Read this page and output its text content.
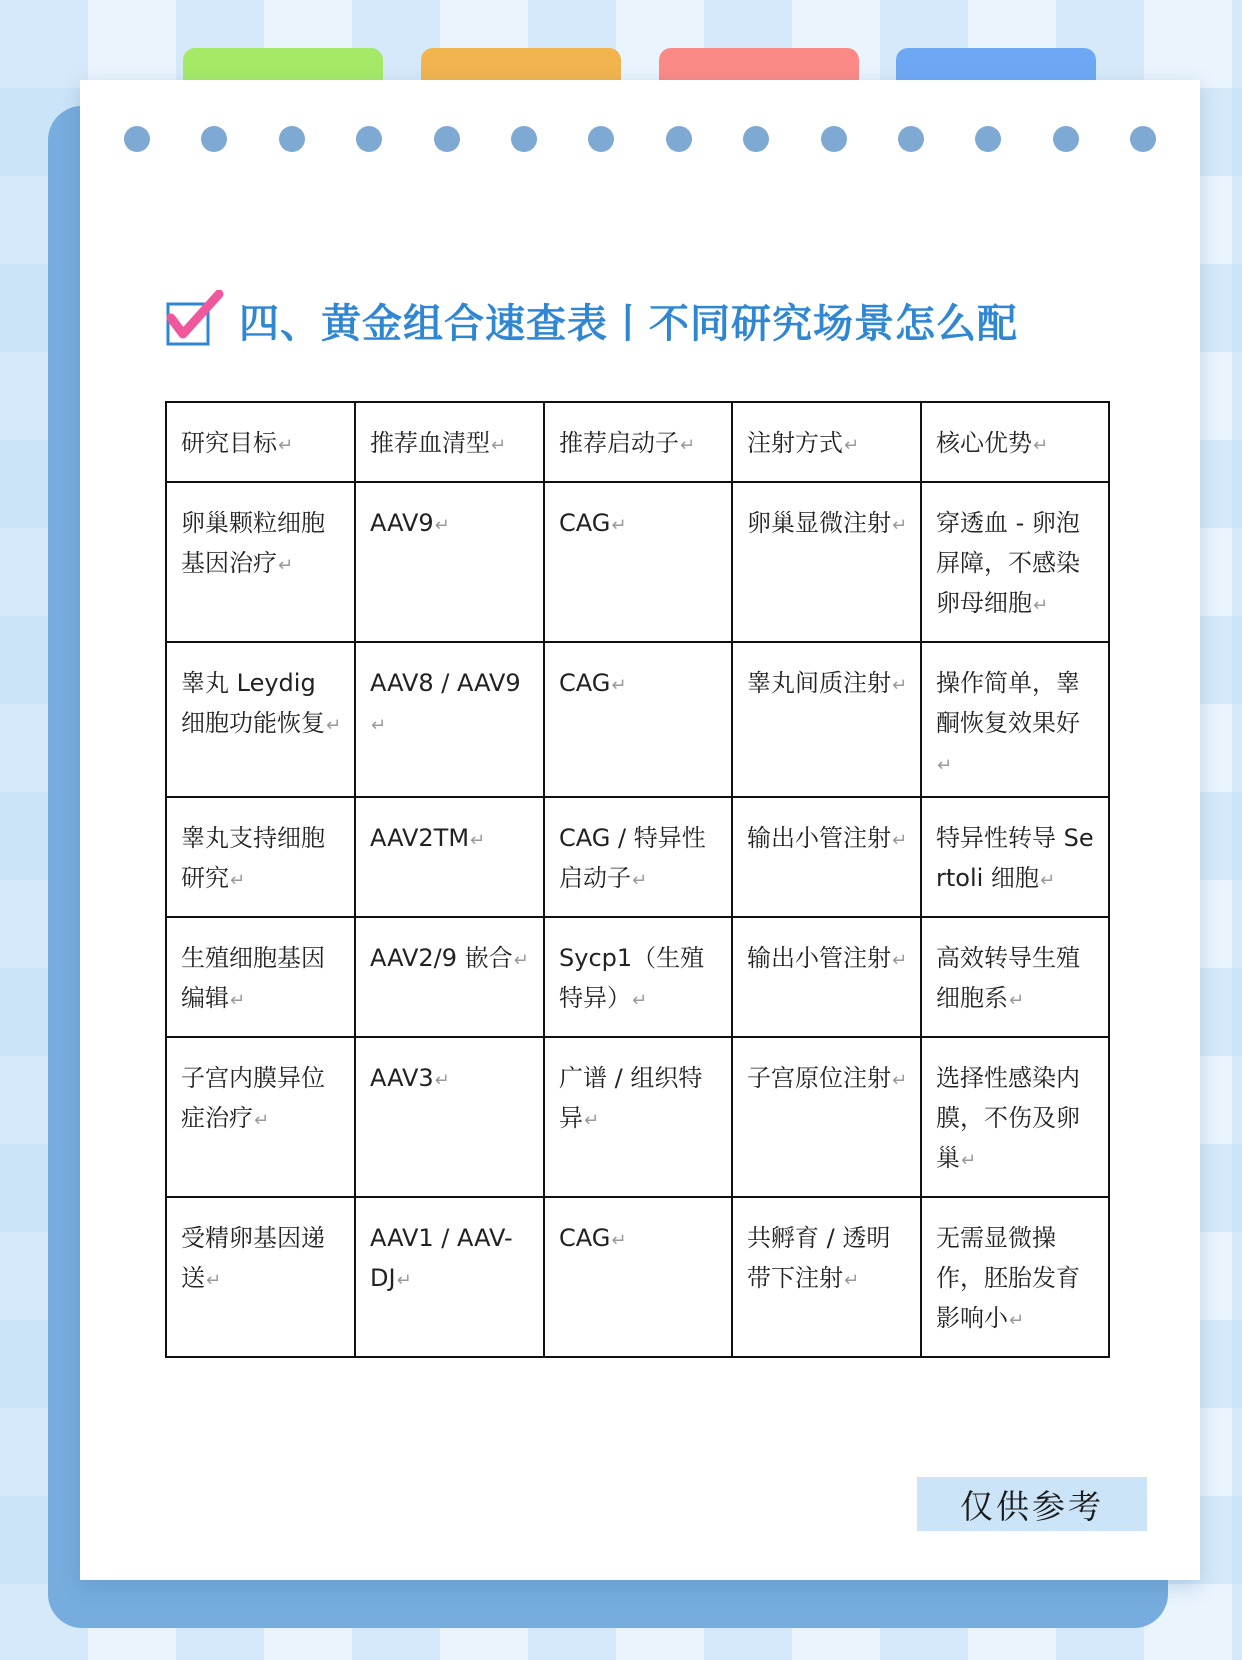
四、黄金组合速查表丨不同研究场景怎么配
研究目标↵	推荐血清型↵	推荐启动子↵	注射方式↵	核心优势↵
卵巢颗粒细胞基因治疗↵	AAV9↵	CAG↵	卵巢显微注射↵	穿透血 - 卵泡屏障，不感染卵母细胞↵
睾丸 Leydig 细胞功能恢复↵	AAV8 / AAV9↵	CAG↵	睾丸间质注射↵	操作简单，睾酮恢复效果好↵
睾丸支持细胞研究↵	AAV2TM↵	CAG / 特异性启动子↵	输出小管注射↵	特异性转导 Sertoli 细胞↵
生殖细胞基因编辑↵	AAV2/9 嵌合↵	Sycp1（生殖特异）↵	输出小管注射↵	高效转导生殖细胞系↵
子宫内膜异位症治疗↵	AAV3↵	广谱 / 组织特异↵	子宫原位注射↵	选择性感染内膜，不伤及卵巢↵
受精卵基因递送↵	AAV1 / AAV-DJ↵	CAG↵	共孵育 / 透明带下注射↵	无需显微操作，胚胎发育影响小↵
仅供参考
